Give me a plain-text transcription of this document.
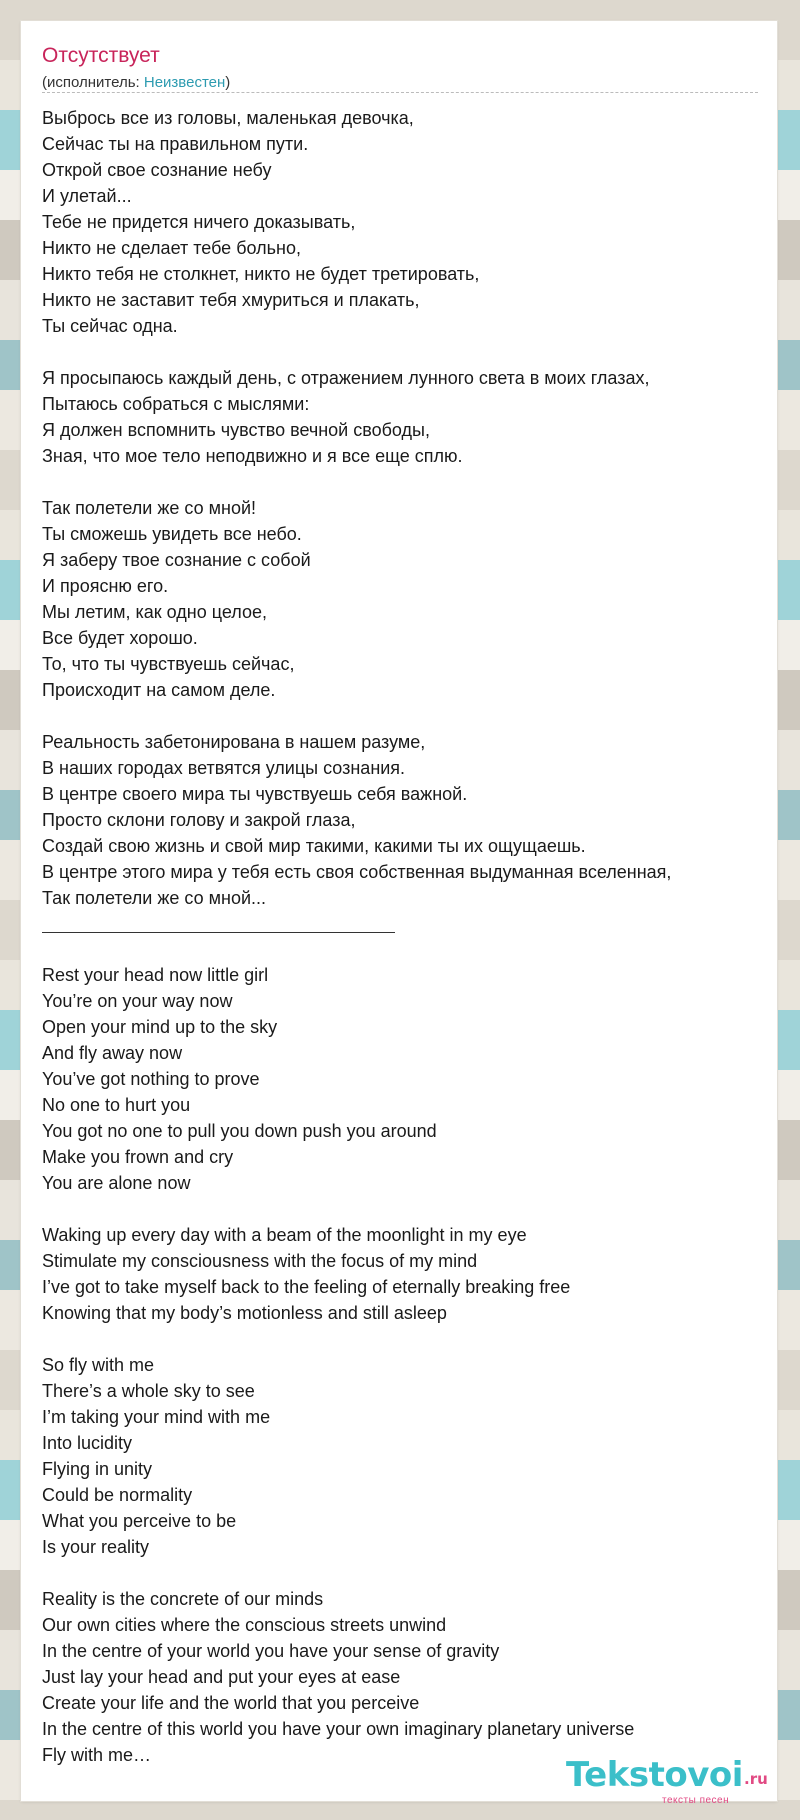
Отсутствует
(исполнитель: Неизвестен)
Выбрось все из головы, маленькая девочка,
Сейчас ты на правильном пути.
Открой свое сознание небу
И улетай...
Тебе не придется ничего доказывать,
Никто не сделает тебе больно,
Никто тебя не столкнет, никто не будет третировать,
Никто не заставит тебя хмуриться и плакать,
Ты сейчас одна.
Я просыпаюсь каждый день, с отражением лунного света в моих глазах,
Пытаюсь собраться с мыслями:
Я должен вспомнить чувство вечной свободы,
Зная, что мое тело неподвижно и я все еще сплю.
Так полетели же со мной!
Ты сможешь увидеть все небо.
Я заберу твое сознание с собой
И проясню его.
Мы летим, как одно целое,
Все будет хорошо.
То, что ты чувствуешь сейчас,
Происходит на самом деле.
Реальность забетонирована в нашем разуме,
В наших городах ветвятся улицы сознания.
В центре своего мира ты чувствуешь себя важной.
Просто склони голову и закрой глаза,
Создай свою жизнь и свой мир такими, какими ты их ощущаешь.
В центре этого мира у тебя есть своя собственная выдуманная вселенная,
Так полетели же со мной...
Rest your head now little girl
You’re on your way now
Open your mind up to the sky
And fly away now
You’ve got nothing to prove
No one to hurt you
You got no one to pull you down push you around
Make you frown and cry
You are alone now
Waking up every day with a beam of the moonlight in my eye
Stimulate my consciousness with the focus of my mind
I’ve got to take myself back to the feeling of eternally breaking free
Knowing that my body’s motionless and still asleep
So fly with me
There’s a whole sky to see
I’m taking your mind with me
Into lucidity
Flying in unity
Could be normality
What you perceive to be
Is your reality
Reality is the concrete of our minds
Our own cities where the conscious streets unwind
In the centre of your world you have your sense of gravity
Just lay your head and put your eyes at ease
Create your life and the world that you perceive
In the centre of this world you have your own imaginary planetary universe
Fly with me…	Tekstovoi .ru
тексты песен
